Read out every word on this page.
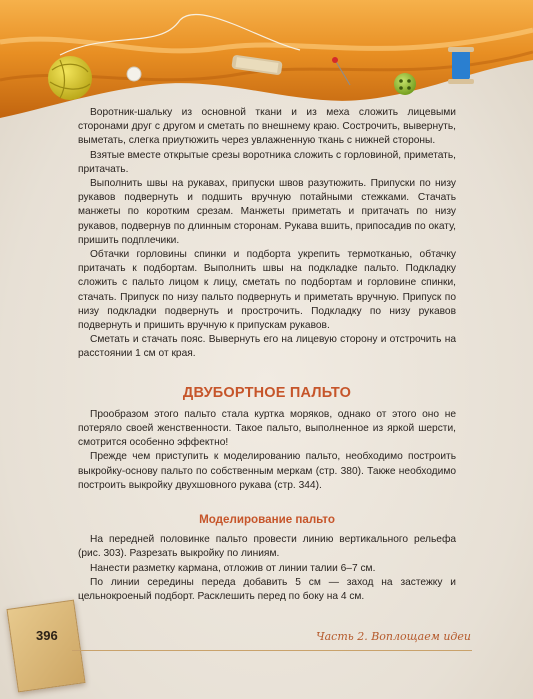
Воротник-шальку из основной ткани и из меха сложить лицевыми сторонами друг с другом и сметать по внешнему краю. Сострочить, вывернуть, выметать, слегка приутюжить через увлажненную ткань с нижней стороны.

Взятые вместе открытые срезы воротника сложить с горловиной, приметать, притачать.

Выполнить швы на рукавах, припуски швов разутюжить. Припуски по низу рукавов подвернуть и подшить вручную потайными стежками. Стачать манжеты по коротким срезам. Манжеты приметать и притачать по низу рукавов, подвернув по длинным сторонам. Рукава вшить, припосадив по окату, пришить подплечики.

Обтачки горловины спинки и подборта укрепить термотканью, обтачку притачать к подбортам. Выполнить швы на подкладке пальто. Подкладку сложить с пальто лицом к лицу, сметать по подбортам и горловине спинки, стачать. Припуск по низу пальто подвернуть и приметать вручную. Припуск по низу подкладки подвернуть и прострочить. Подкладку по низу рукавов подвернуть и пришить вручную к припускам рукавов.

Сметать и стачать пояс. Вывернуть его на лицевую сторону и отстрочить на расстоянии 1 см от края.

ДВУБОРТНОЕ ПАЛЬТО

Прообразом этого пальто стала куртка моряков, однако от этого оно не потеряло своей женственности. Такое пальто, выполненное из яркой шерсти, смотрится особенно эффектно!

Прежде чем приступить к моделированию пальто, необходимо построить выкройку-основу пальто по собственным меркам (стр. 380). Также необходимо построить выкройку двухшовного рукава (стр. 344).

Моделирование пальто

На передней половинке пальто провести линию вертикального рельефа (рис. 303). Разрезать выкройку по линиям.

Нанести разметку кармана, отложив от линии талии 6–7 см.

По линии середины переда добавить 5 см — заход на застежку и цельнокроеный подборт. Расклешить перед по боку на 4 см.

396	Часть 2. Воплощаем идеи
